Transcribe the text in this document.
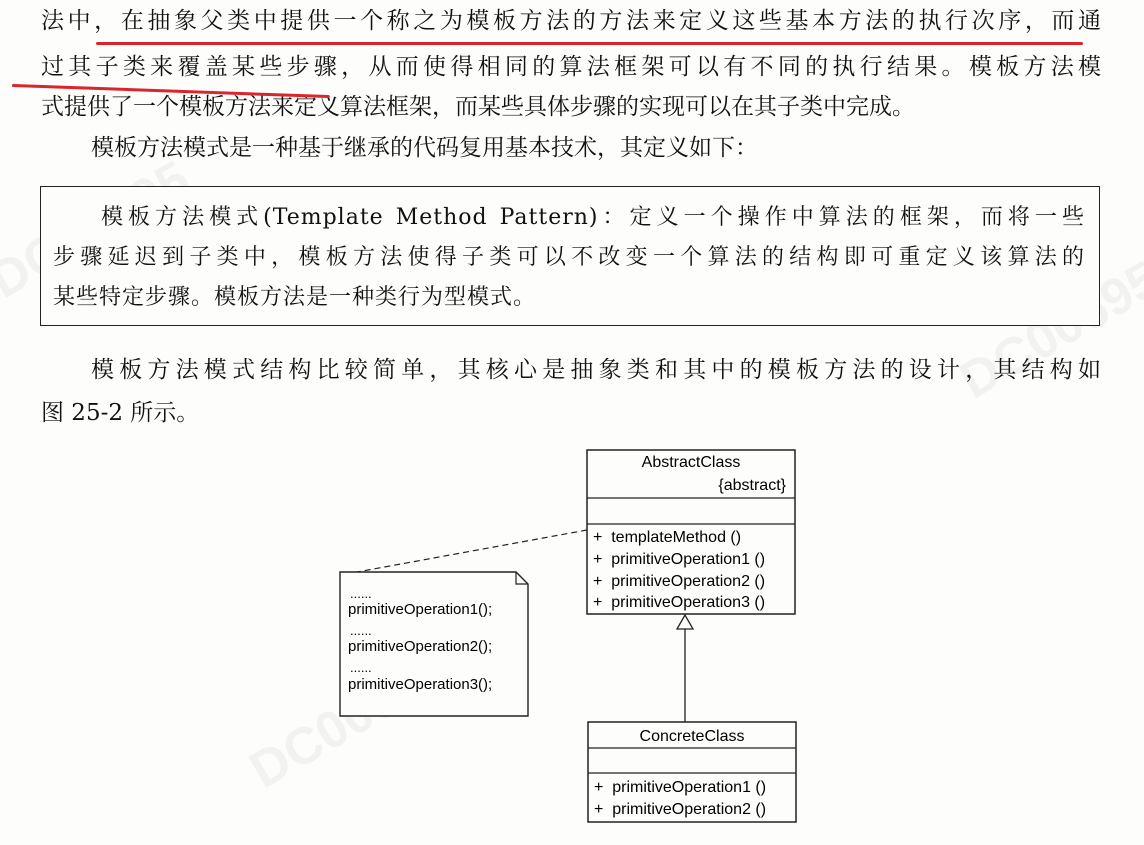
法中，在抽象父类中提供一个称之为模板方法的方法来定义这些基本方法的执行次序，而通
过其子类来覆盖某些步骤，从而使得相同的算法框架可以有不同的执行结果。模板方法模
式提供了一个模板方法来定义算法框架，而某些具体步骤的实现可以在其子类中完成。
模板方法模式是一种基于继承的代码复用基本技术，其定义如下：
模板方法模式(Template Method Pattern)：定义一个操作中算法的框架，而将一些
步骤延迟到子类中，模板方法使得子类可以不改变一个算法的结构即可重定义该算法的
某些特定步骤。模板方法是一种类行为型模式。
模板方法模式结构比较简单，其核心是抽象类和其中的模板方法的设计，其结构如
图 25-2 所示。
AbstractClass
{abstract}
+  templateMethod ()
+  primitiveOperation1 ()
+  primitiveOperation2 ()
+  primitiveOperation3 ()
......
primitiveOperation1();
......
primitiveOperation2();
......
primitiveOperation3();
ConcreteClass
+  primitiveOperation1 ()
+  primitiveOperation2 ()
